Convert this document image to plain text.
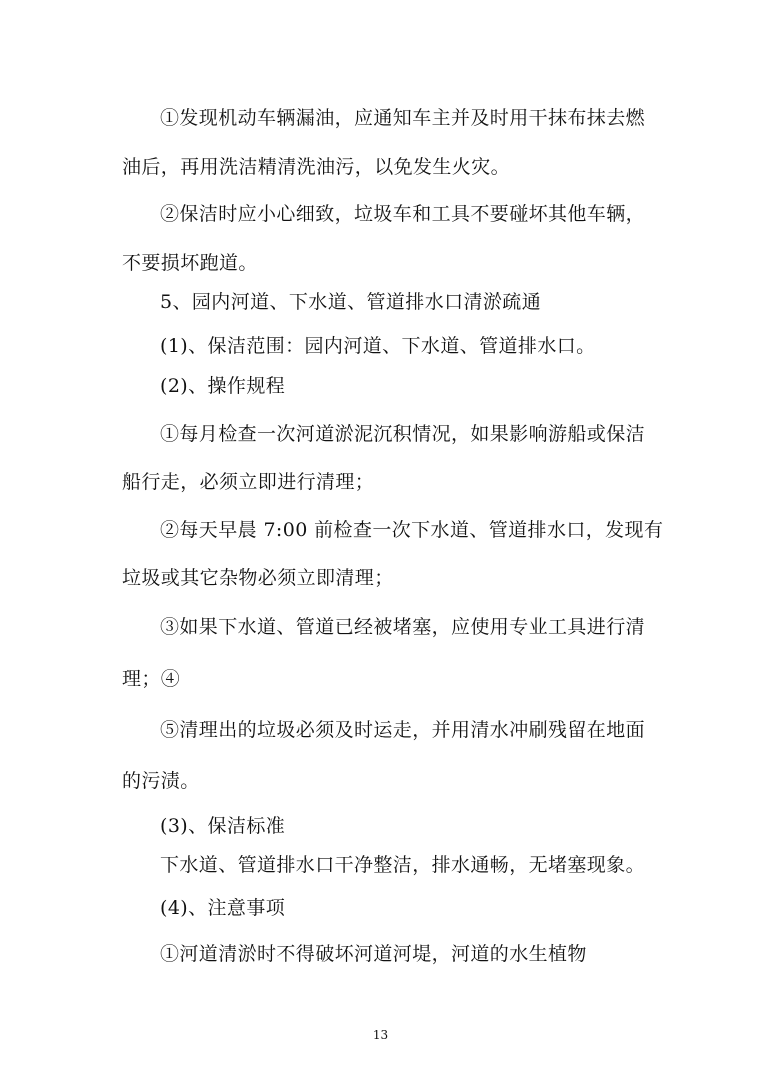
①发现机动车辆漏油，应通知车主并及时用干抹布抹去燃
油后，再用洗洁精清洗油污，以免发生火灾。
②保洁时应小心细致，垃圾车和工具不要碰坏其他车辆，
不要损坏跑道。
5、园内河道、下水道、管道排水口清淤疏通
(1)、保洁范围：园内河道、下水道、管道排水口。
(2)、操作规程
①每月检查一次河道淤泥沉积情况，如果影响游船或保洁
船行走，必须立即进行清理；
②每天早晨 7:00 前检查一次下水道、管道排水口，发现有
垃圾或其它杂物必须立即清理；
③如果下水道、管道已经被堵塞，应使用专业工具进行清
理；④
⑤清理出的垃圾必须及时运走，并用清水冲刷残留在地面
的污渍。
(3)、保洁标准
下水道、管道排水口干净整洁，排水通畅，无堵塞现象。
(4)、注意事项
①河道清淤时不得破坏河道河堤，河道的水生植物
13
